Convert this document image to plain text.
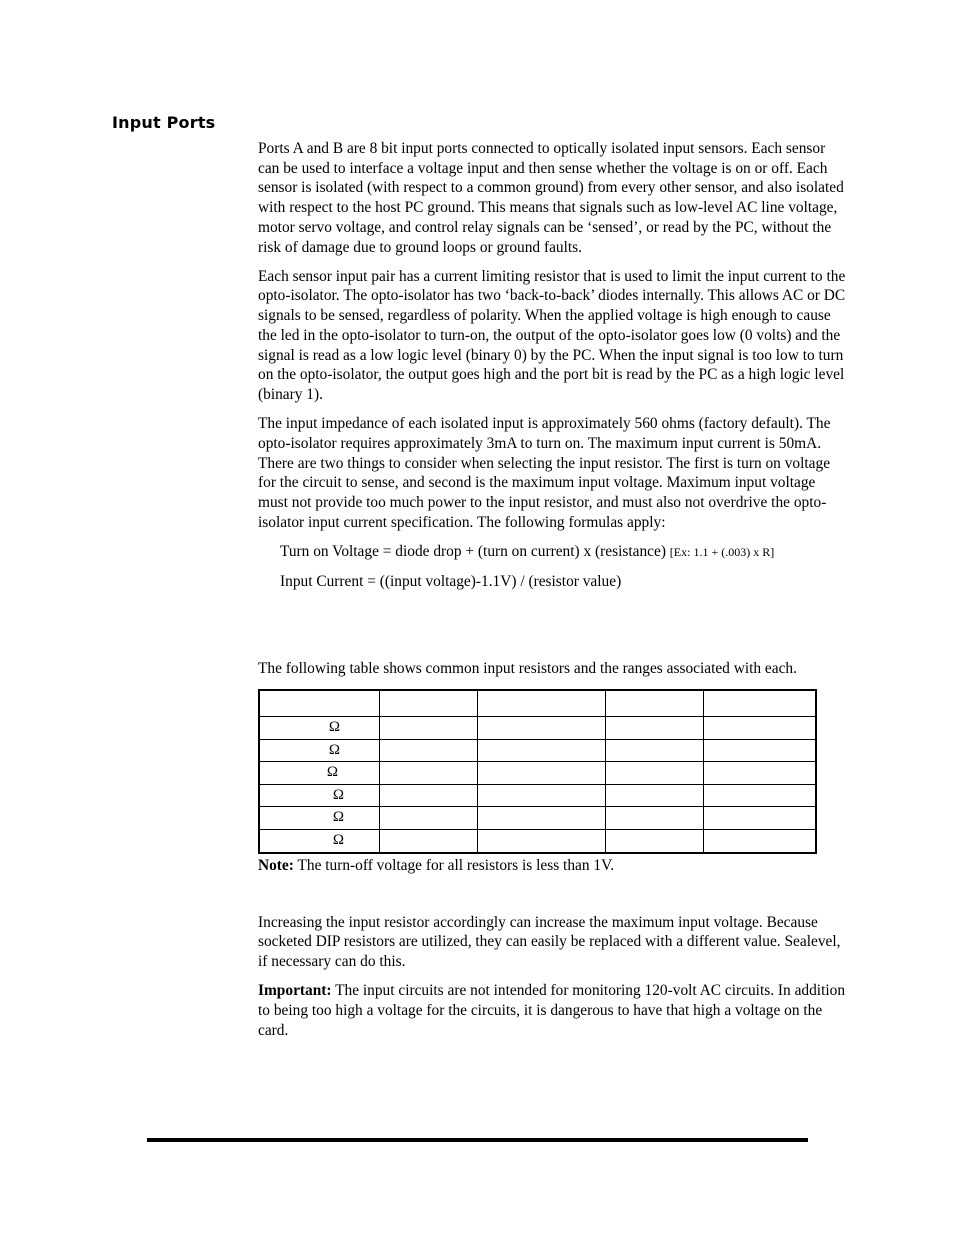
Input Ports

Ports A and B are 8 bit input ports connected to optically isolated input sensors. Each sensor can be used to interface a voltage input and then sense whether the voltage is on or off. Each sensor is isolated (with respect to a common ground) from every other sensor, and also isolated with respect to the host PC ground. This means that signals such as low-level AC line voltage, motor servo voltage, and control relay signals can be ‘sensed’, or read by the PC, without the risk of damage due to ground loops or ground faults.

Each sensor input pair has a current limiting resistor that is used to limit the input current to the opto-isolator. The opto-isolator has two ‘back-to-back’ diodes internally. This allows AC or DC signals to be sensed, regardless of polarity. When the applied voltage is high enough to cause the led in the opto-isolator to turn-on, the output of the opto-isolator goes low (0 volts) and the signal is read as a low logic level (binary 0) by the PC. When the input signal is too low to turn on the opto-isolator, the output goes high and the port bit is read by the PC as a high logic level (binary 1).

The input impedance of each isolated input is approximately 560 ohms (factory default). The opto-isolator requires approximately 3mA to turn on. The maximum input current is 50mA. There are two things to consider when selecting the input resistor. The first is turn on voltage for the circuit to sense, and second is the maximum input voltage. Maximum input voltage must not provide too much power to the input resistor, and must also not overdrive the opto-isolator input current specification. The following formulas apply:

Turn on Voltage = diode drop + (turn on current) x (resistance) [Ex: 1.1 + (.003) x R]
Input Current = ((input voltage)-1.1V) / (resistor value)

The following table shows common input resistors and the ranges associated with each.

Ω				
Ω				
Ω				
Ω				
Ω				
Ω				

Note: The turn-off voltage for all resistors is less than 1V.

Increasing the input resistor accordingly can increase the maximum input voltage. Because socketed DIP resistors are utilized, they can easily be replaced with a different value. Sealevel, if necessary can do this.

Important: The input circuits are not intended for monitoring 120-volt AC circuits. In addition to being too high a voltage for the circuits, it is dangerous to have that high a voltage on the card.
